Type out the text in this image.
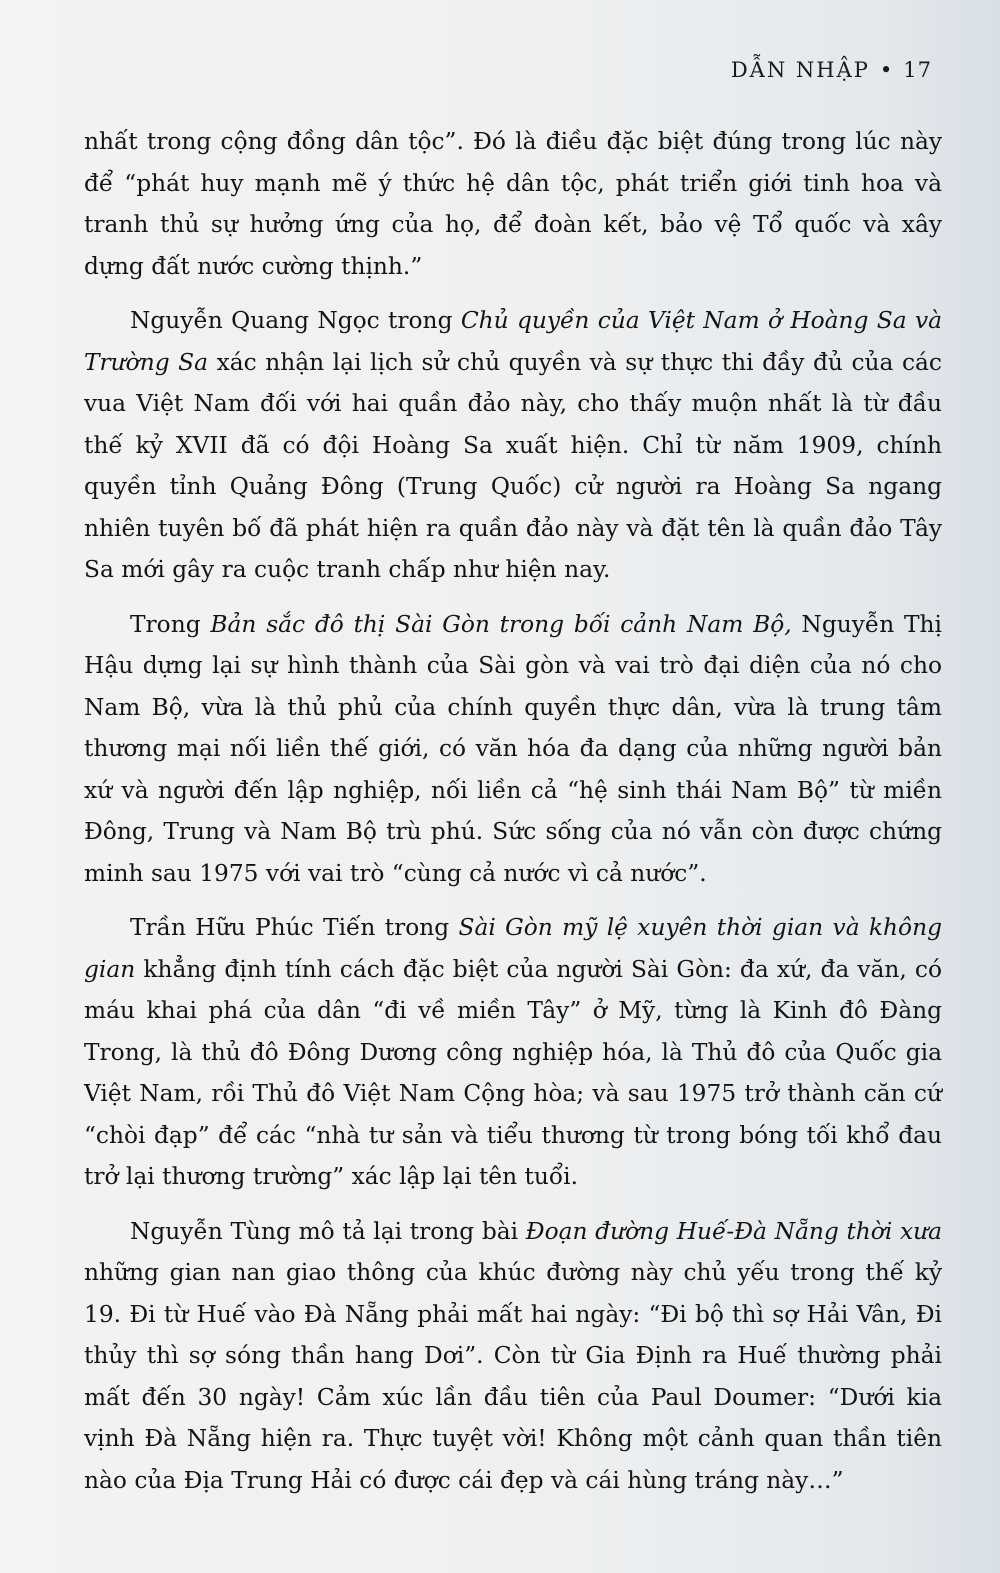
DẪN NHẬP • 17

nhất trong cộng đồng dân tộc”. Đó là điều đặc biệt đúng trong lúc này để “phát huy mạnh mẽ ý thức hệ dân tộc, phát triển giới tinh hoa và tranh thủ sự hưởng ứng của họ, để đoàn kết, bảo vệ Tổ quốc và xây dựng đất nước cường thịnh.”

Nguyễn Quang Ngọc trong Chủ quyền của Việt Nam ở Hoàng Sa và Trường Sa xác nhận lại lịch sử chủ quyền và sự thực thi đầy đủ của các vua Việt Nam đối với hai quần đảo này, cho thấy muộn nhất là từ đầu thế kỷ XVII đã có đội Hoàng Sa xuất hiện. Chỉ từ năm 1909, chính quyền tỉnh Quảng Đông (Trung Quốc) cử người ra Hoàng Sa ngang nhiên tuyên bố đã phát hiện ra quần đảo này và đặt tên là quần đảo Tây Sa mới gây ra cuộc tranh chấp như hiện nay.

Trong Bản sắc đô thị Sài Gòn trong bối cảnh Nam Bộ, Nguyễn Thị Hậu dựng lại sự hình thành của Sài gòn và vai trò đại diện của nó cho Nam Bộ, vừa là thủ phủ của chính quyền thực dân, vừa là trung tâm thương mại nối liền thế giới, có văn hóa đa dạng của những người bản xứ và người đến lập nghiệp, nối liền cả “hệ sinh thái Nam Bộ” từ miền Đông, Trung và Nam Bộ trù phú. Sức sống của nó vẫn còn được chứng minh sau 1975 với vai trò “cùng cả nước vì cả nước”.

Trần Hữu Phúc Tiến trong Sài Gòn mỹ lệ xuyên thời gian và không gian khẳng định tính cách đặc biệt của người Sài Gòn: đa xứ, đa văn, có máu khai phá của dân “đi về miền Tây” ở Mỹ, từng là Kinh đô Đàng Trong, là thủ đô Đông Dương công nghiệp hóa, là Thủ đô của Quốc gia Việt Nam, rồi Thủ đô Việt Nam Cộng hòa; và sau 1975 trở thành căn cứ “chòi đạp” để các “nhà tư sản và tiểu thương từ trong bóng tối khổ đau trở lại thương trường” xác lập lại tên tuổi.

Nguyễn Tùng mô tả lại trong bài Đoạn đường Huế-Đà Nẵng thời xưa những gian nan giao thông của khúc đường này chủ yếu trong thế kỷ 19. Đi từ Huế vào Đà Nẵng phải mất hai ngày: “Đi bộ thì sợ Hải Vân, Đi thủy thì sợ sóng thần hang Dơi”. Còn từ Gia Định ra Huế thường phải mất đến 30 ngày! Cảm xúc lần đầu tiên của Paul Doumer: “Dưới kia vịnh Đà Nẵng hiện ra. Thực tuyệt vời! Không một cảnh quan thần tiên nào của Địa Trung Hải có được cái đẹp và cái hùng tráng này…”
